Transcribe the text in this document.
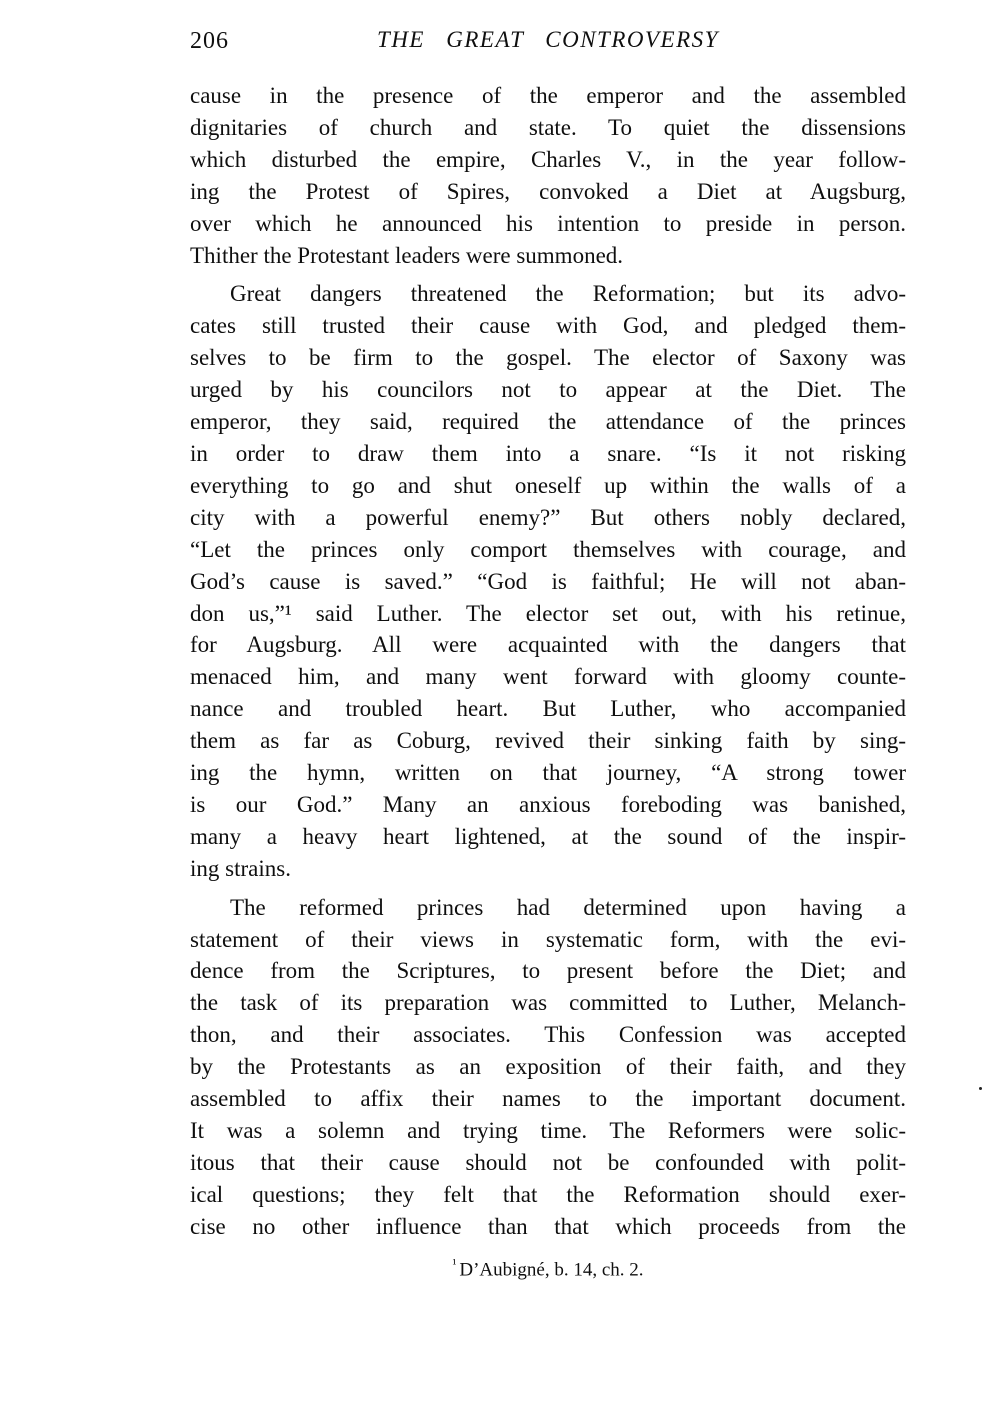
206	THE GREAT CONTROVERSY
cause in the presence of the emperor and the assembled
dignitaries of church and state. To quiet the dissensions
which disturbed the empire, Charles V., in the year follow-
ing the Protest of Spires, convoked a Diet at Augsburg,
over which he announced his intention to preside in person.
Thither the Protestant leaders were summoned.
Great dangers threatened the Reformation; but its advo-
cates still trusted their cause with God, and pledged them-
selves to be firm to the gospel. The elector of Saxony was
urged by his councilors not to appear at the Diet. The
emperor, they said, required the attendance of the princes
in order to draw them into a snare. “Is it not risking
everything to go and shut oneself up within the walls of a
city with a powerful enemy?” But others nobly declared,
“Let the princes only comport themselves with courage, and
God’s cause is saved.” “God is faithful; He will not aban-
don us,”¹ said Luther. The elector set out, with his retinue,
for Augsburg. All were acquainted with the dangers that
menaced him, and many went forward with gloomy counte-
nance and troubled heart. But Luther, who accompanied
them as far as Coburg, revived their sinking faith by sing-
ing the hymn, written on that journey, “A strong tower
is our God.” Many an anxious foreboding was banished,
many a heavy heart lightened, at the sound of the inspir-
ing strains.
The reformed princes had determined upon having a
statement of their views in systematic form, with the evi-
dence from the Scriptures, to present before the Diet; and
the task of its preparation was committed to Luther, Melanch-
thon, and their associates. This Confession was accepted
by the Protestants as an exposition of their faith, and they
assembled to affix their names to the important document.
It was a solemn and trying time. The Reformers were solic-
itous that their cause should not be confounded with polit-
ical questions; they felt that the Reformation should exer-
cise no other influence than that which proceeds from the
$^{^1}$ D’Aubigné, b. 14, ch. 2.
